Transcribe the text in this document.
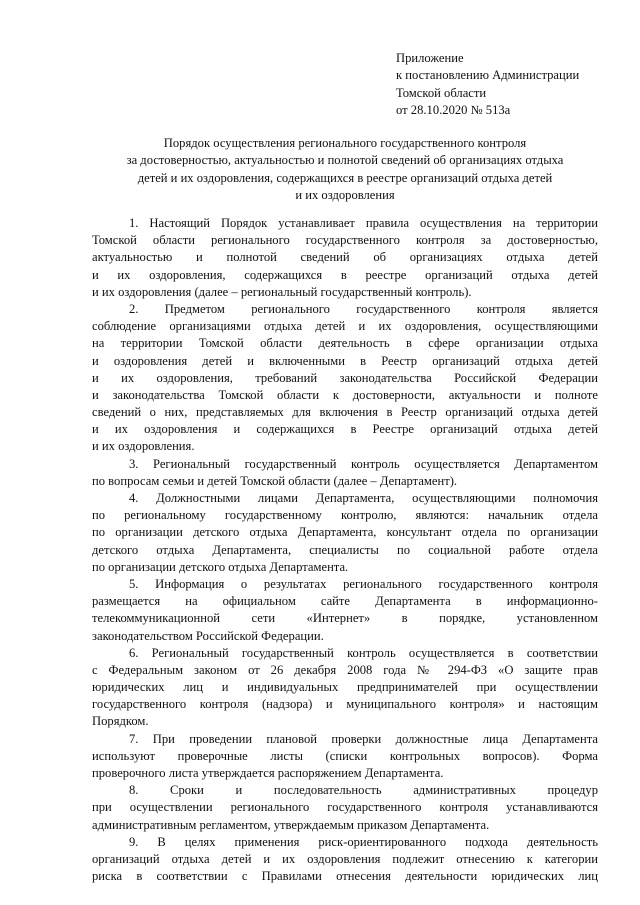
Приложение
к постановлению Администрации
Томской области
от 28.10.2020 № 513а
Порядок осуществления регионального государственного контроля
за достоверностью, актуальностью и полнотой сведений об организациях отдыха
детей и их оздоровления, содержащихся в реестре организаций отдыха детей
и их оздоровления
1. Настоящий Порядок устанавливает правила осуществления на территории
Томской области регионального государственного контроля за достоверностью,
актуальностью и полнотой сведений об организациях отдыха детей
и их оздоровления, содержащихся в реестре организаций отдыха детей
и их оздоровления (далее – региональный государственный контроль).
2. Предметом регионального государственного контроля является
соблюдение организациями отдыха детей и их оздоровления, осуществляющими
на территории Томской области деятельность в сфере организации отдыха
и оздоровления детей и включенными в Реестр организаций отдыха детей
и их оздоровления, требований законодательства Российской Федерации
и законодательства Томской области к достоверности, актуальности и полноте
сведений о них, представляемых для включения в Реестр организаций отдыха детей
и их оздоровления и содержащихся в Реестре организаций отдыха детей
и их оздоровления.
3. Региональный государственный контроль осуществляется Департаментом
по вопросам семьи и детей Томской области (далее – Департамент).
4. Должностными лицами Департамента, осуществляющими полномочия
по региональному государственному контролю, являются: начальник отдела
по организации детского отдыха Департамента, консультант отдела по организации
детского отдыха Департамента, специалисты по социальной работе отдела
по организации детского отдыха Департамента.
5. Информация о результатах регионального государственного контроля
размещается на официальном сайте Департамента в информационно-
телекоммуникационной сети «Интернет» в порядке, установленном
законодательством Российской Федерации.
6. Региональный государственный контроль осуществляется в соответствии
с Федеральным законом от 26 декабря 2008 года № 294-ФЗ «О защите прав
юридических лиц и индивидуальных предпринимателей при осуществлении
государственного контроля (надзора) и муниципального контроля» и настоящим
Порядком.
7. При проведении плановой проверки должностные лица Департамента
используют проверочные листы (списки контрольных вопросов). Форма
проверочного листа утверждается распоряжением Департамента.
8. Сроки и последовательность административных процедур
при осуществлении регионального государственного контроля устанавливаются
административным регламентом, утверждаемым приказом Департамента.
9. В целях применения риск-ориентированного подхода деятельность
организаций отдыха детей и их оздоровления подлежит отнесению к категории
риска в соответствии с Правилами отнесения деятельности юридических лиц
